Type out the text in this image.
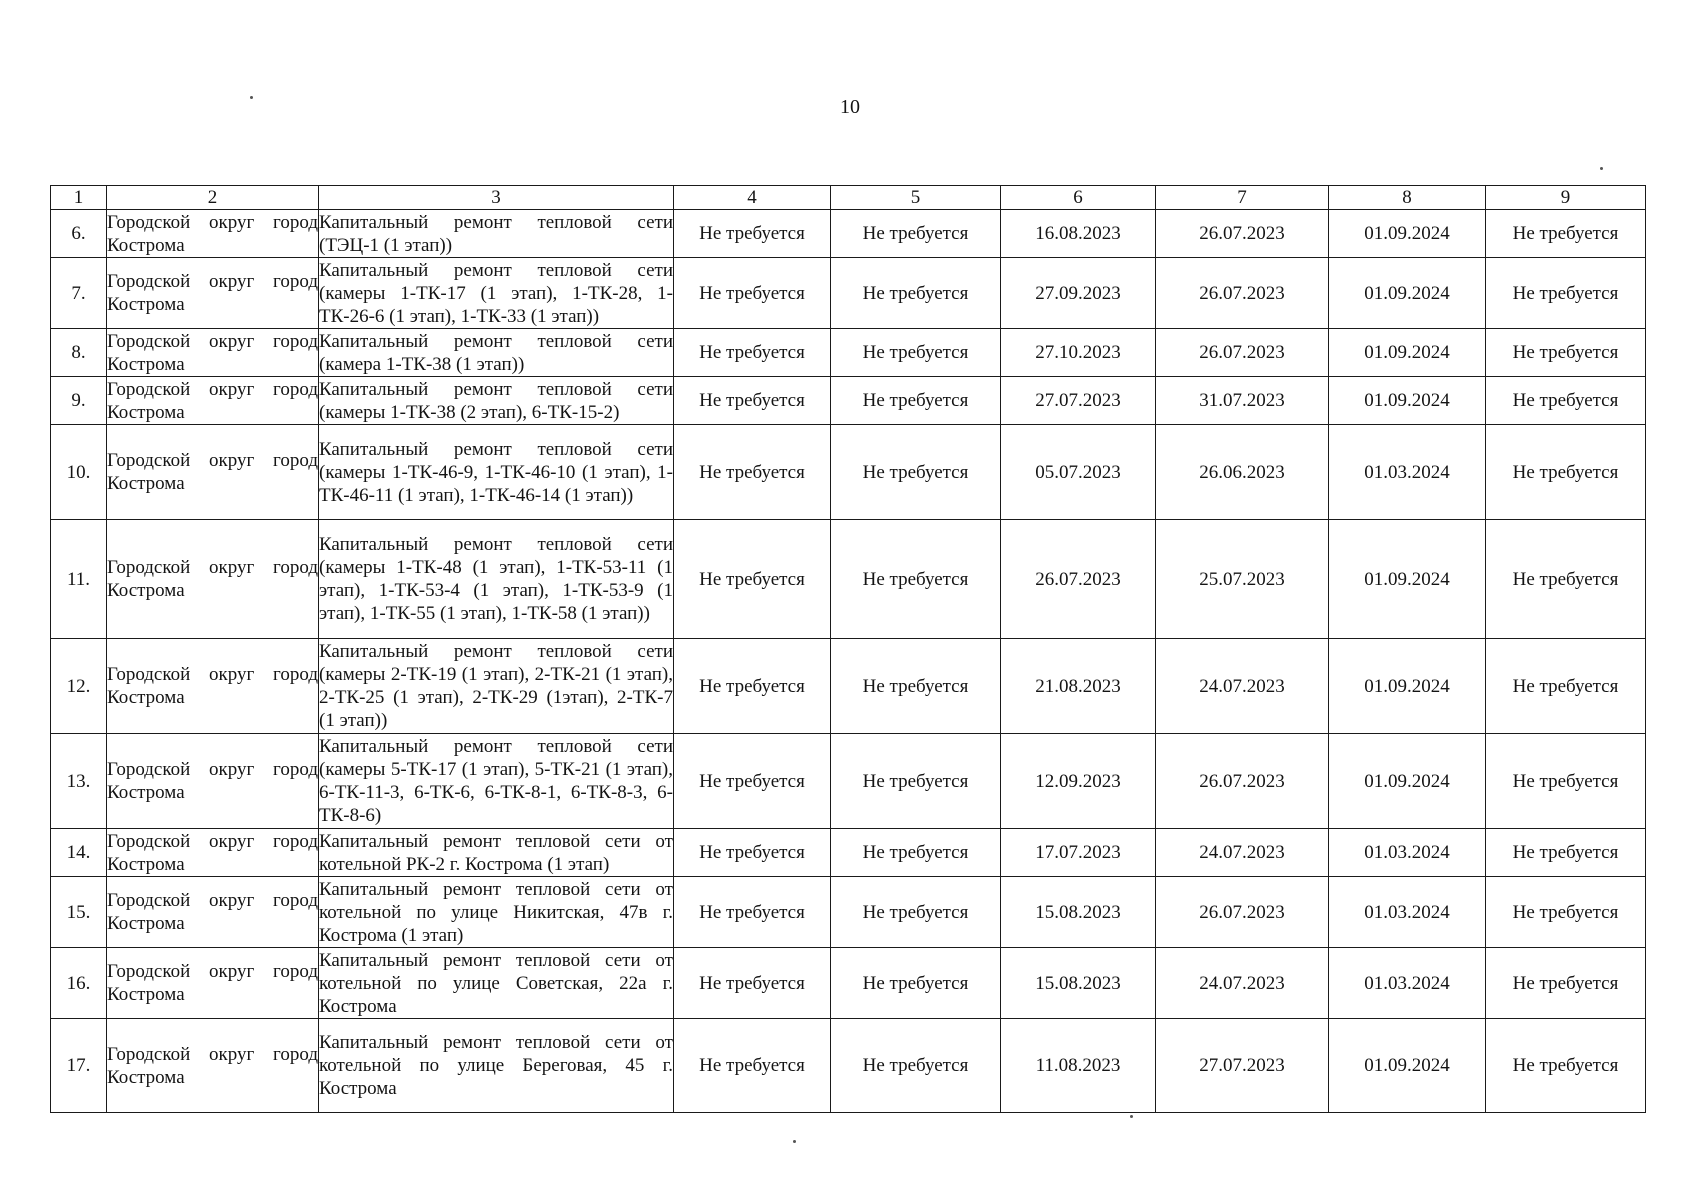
10
1	2	3	4	5	6	7	8	9
6.	Городской округ город Кострома	Капитальный ремонт тепловой сети (ТЭЦ-1 (1 этап))	Не требуется	Не требуется	16.08.2023	26.07.2023	01.09.2024	Не требуется
7.	Городской округ город Кострома	Капитальный ремонт тепловой сети (камеры 1-ТК-17 (1 этап), 1-ТК-28, 1-ТК-26-6 (1 этап), 1-ТК-33 (1 этап))	Не требуется	Не требуется	27.09.2023	26.07.2023	01.09.2024	Не требуется
8.	Городской округ город Кострома	Капитальный ремонт тепловой сети (камера 1-ТК-38 (1 этап))	Не требуется	Не требуется	27.10.2023	26.07.2023	01.09.2024	Не требуется
9.	Городской округ город Кострома	Капитальный ремонт тепловой сети (камеры 1-ТК-38 (2 этап), 6-ТК-15-2)	Не требуется	Не требуется	27.07.2023	31.07.2023	01.09.2024	Не требуется
10.	Городской округ город Кострома	Капитальный ремонт тепловой сети (камеры 1-ТК-46-9, 1-ТК-46-10 (1 этап), 1-ТК-46-11 (1 этап), 1-ТК-46-14 (1 этап))	Не требуется	Не требуется	05.07.2023	26.06.2023	01.03.2024	Не требуется
11.	Городской округ город Кострома	Капитальный ремонт тепловой сети (камеры 1-ТК-48 (1 этап), 1-ТК-53-11 (1 этап), 1-ТК-53-4 (1 этап), 1-ТК-53-9 (1 этап), 1-ТК-55 (1 этап), 1-ТК-58 (1 этап))	Не требуется	Не требуется	26.07.2023	25.07.2023	01.09.2024	Не требуется
12.	Городской округ город Кострома	Капитальный ремонт тепловой сети (камеры 2-ТК-19 (1 этап), 2-ТК-21 (1 этап), 2-ТК-25 (1 этап), 2-ТК-29 (1этап), 2-ТК-7 (1 этап))	Не требуется	Не требуется	21.08.2023	24.07.2023	01.09.2024	Не требуется
13.	Городской округ город Кострома	Капитальный ремонт тепловой сети (камеры 5-ТК-17 (1 этап), 5-ТК-21 (1 этап), 6-ТК-11-3, 6-ТК-6, 6-ТК-8-1, 6-ТК-8-3, 6-ТК-8-6)	Не требуется	Не требуется	12.09.2023	26.07.2023	01.09.2024	Не требуется
14.	Городской округ город Кострома	Капитальный ремонт тепловой сети от котельной РК-2 г. Кострома (1 этап)	Не требуется	Не требуется	17.07.2023	24.07.2023	01.03.2024	Не требуется
15.	Городской округ город Кострома	Капитальный ремонт тепловой сети от котельной по улице Никитская, 47в г. Кострома (1 этап)	Не требуется	Не требуется	15.08.2023	26.07.2023	01.03.2024	Не требуется
16.	Городской округ город Кострома	Капитальный ремонт тепловой сети от котельной по улице Советская, 22а г. Кострома	Не требуется	Не требуется	15.08.2023	24.07.2023	01.03.2024	Не требуется
17.	Городской округ город Кострома	Капитальный ремонт тепловой сети от котельной по улице Береговая, 45 г. Кострома	Не требуется	Не требуется	11.08.2023	27.07.2023	01.09.2024	Не требуется
